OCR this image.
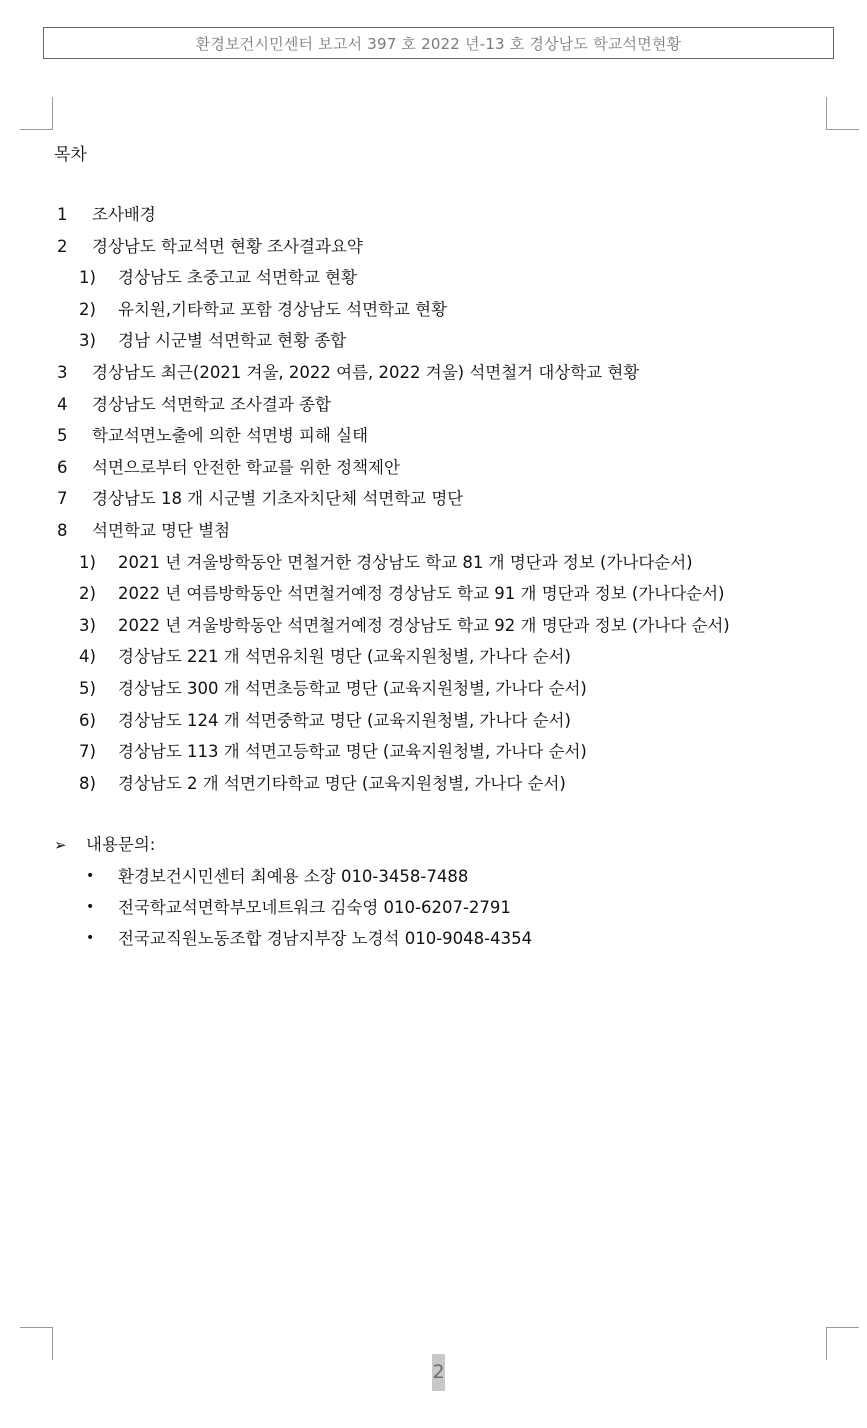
환경보건시민센터 보고서 397 호 2022 년-13 호 경상남도 학교석면현황
목차
1 조사배경
2 경상남도 학교석면 현황 조사결과요약
1) 경상남도 초중고교 석면학교 현황
2) 유치원,기타학교 포함 경상남도 석면학교 현황
3) 경남 시군별 석면학교 현황 종합
3 경상남도 최근(2021 겨울, 2022 여름, 2022 겨울) 석면철거 대상학교 현황
4 경상남도 석면학교 조사결과 종합
5 학교석면노출에 의한 석면병 피해 실태
6 석면으로부터 안전한 학교를 위한 정책제안
7 경상남도 18 개 시군별 기초자치단체 석면학교 명단
8 석면학교 명단 별첨
1) 2021 년 겨울방학동안 면철거한 경상남도 학교 81 개 명단과 정보 (가나다순서)
2) 2022 년 여름방학동안 석면철거예정 경상남도 학교 91 개 명단과 정보 (가나다순서)
3) 2022 년 겨울방학동안 석면철거예정 경상남도 학교 92 개 명단과 정보 (가나다 순서)
4) 경상남도 221 개 석면유치원 명단 (교육지원청별, 가나다 순서)
5) 경상남도 300 개 석면초등학교 명단 (교육지원청별, 가나다 순서)
6) 경상남도 124 개 석면중학교 명단 (교육지원청별, 가나다 순서)
7) 경상남도 113 개 석면고등학교 명단 (교육지원청별, 가나다 순서)
8) 경상남도 2 개 석면기타학교 명단 (교육지원청별, 가나다 순서)
➢ 내용문의:
• 환경보건시민센터 최예용 소장 010-3458-7488
• 전국학교석면학부모네트워크 김숙영 010-6207-2791
• 전국교직원노동조합 경남지부장 노경석 010-9048-4354
2
